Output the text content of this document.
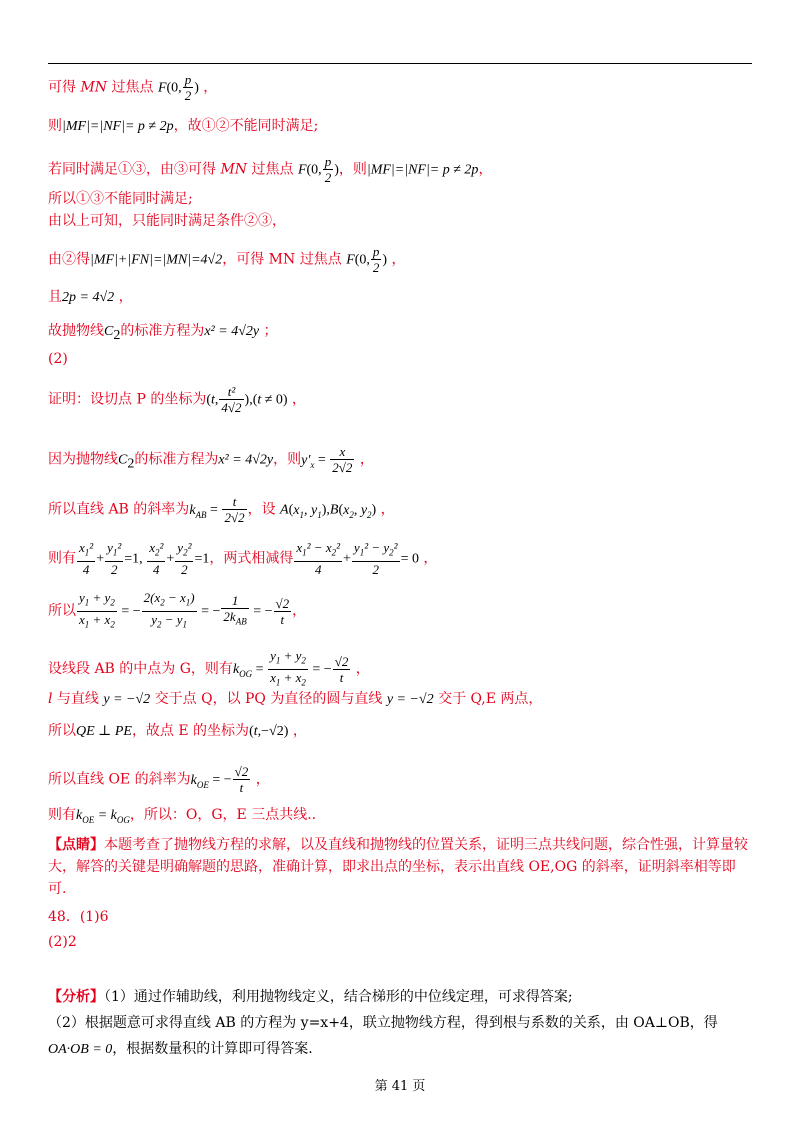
可得 MN 过焦点 F(0, $\frac{p}{2}$ ) ，
则|MF|=|NF|= p ≠ 2p，故①②不能同时满足;
若同时满足①③，由③可得 MN 过焦点 F(0, $\frac{p}{2}$ )，则|MF|=|NF|= p ≠ 2p，
所以①③不能同时满足;
由以上可知，只能同时满足条件②③，
由②得|MF|+|FN|=|MN|=4√2，可得 MN 过焦点 F(0, $\frac{p}{2}$ ) ，
且2p = 4√2 ，
故抛物线$C_2$的标准方程为x² = 4√2y ；
(2)
证明：设切点 P 的坐标为(t, $\frac{\text{t²}}{4√2} ),(t \ne 0)$ ，
因为抛物线$C_2$的标准方程为x² = 4√2y，则$y'_x = \frac{x}{2√2}$ ，
所以直线 AB 的斜率为$k_{AB} = \frac{t}{2√2}$ ，设 $A(x_1$, $y_1),B(x_2$, $y_2$) ，
则有 $\frac{x_1^2}{4} + \frac{y_1^2}{2} =1$, $\frac{x_2^2}{4} + \frac{y_2^2}{2} =1$，两式相减得 $\frac{x_1^2 - x_2^2}{4} + \frac{y_1^2 - y_2^2}{2} = 0$ ，
所以 $\frac{y_1 + y_2}{x_1 + x_2}$ = − $\frac{2(x_2 - x_1)}{y_2 - y_1}$ = − $\frac{1}{2k_{AB}}$ = − $\frac{√2}{t}$ ，
设线段 AB 的中点为 G，则有$k_{OG} = \frac{y_1 + y_2}{x_1 + x_2}$ = − $\frac{√2}{t}$ ，
l 与直线 y = −√2 交于点 Q，以 PQ 为直径的圆与直线 y = −√2 交于 Q,E 两点，
所以QE ⊥ PE，故点 E 的坐标为(t,−√2) ，
所以直线 OE 的斜率为$k_{OE}$ = − $\frac{√2}{t}$ ，
则有$k_{OE} = k_{OG}$，所以：O，G，E 三点共线..
【点睛】本题考查了抛物线方程的求解，以及直线和抛物线的位置关系，证明三点共线问题，综合性强，计算量较大，解答的关键是明确解题的思路，准确计算，即求出点的坐标，表示出直线 OE,OG 的斜率，证明斜率相等即可.
48．(1)6
(2)2
【分析】（1）通过作辅助线，利用抛物线定义，结合梯形的中位线定理，可求得答案;
（2）根据题意可求得直线 AB 的方程为 y=x+4，联立抛物线方程，得到根与系数的关系，由 OA⊥OB，得
OA·OB = 0，根据数量积的计算即可得答案.
第 41 页
